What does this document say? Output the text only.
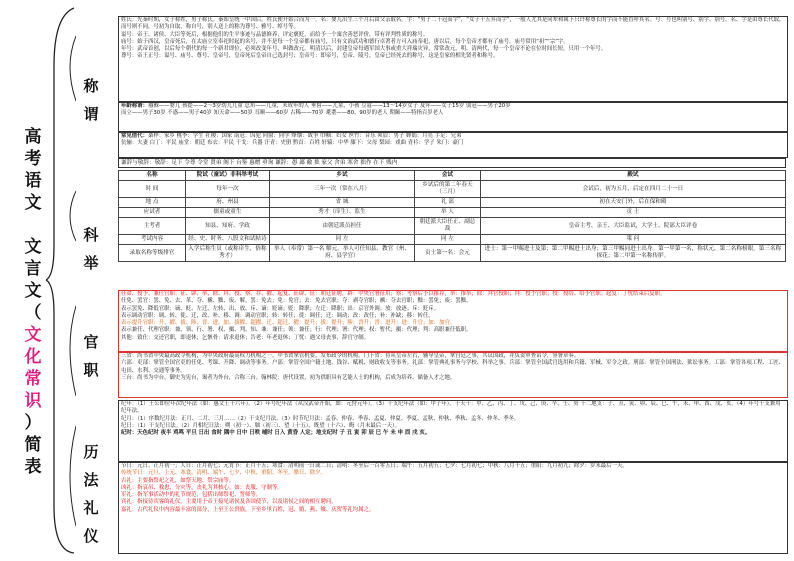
高
考
语
文

文
言
文
（
文
化
常
识
）
简
表
称
谓
科
举
官
职
历
法
礼
仪

姓氏：先秦时期，女子称姓，男子称氏。秦始皇统一中国后，姓氏便开始合而为一。名：婴儿出生三个月后由父亲取名。字：“男子二十冠而字”，“女子十五笄而字”，一般人尤其是同辈和属下只许称尊长的字而不能直呼其名。号：号也叫别号、别字、别号，名、字是由尊长代取，而号则不同，号初为自取，称自号，别人送上的称为尊号、雅号、绰号等。

谥号：帝王、诸侯、大臣等死后，根据他们的生平事迹与品德修养，评定褒贬，而给予一个寓含善恶评价，带有评判性质的称号。

庙号：始于西汉，皇帝死后，在太庙立室奉祀时起的名号，并不是每一个皇帝都有庙号，只有文治武功和德行卓著者方可入庙奉祀，唐以后，每个皇帝才都有了庙号。庙号常用“祖”“宗”字。

年号：武帝首创，以后每个朝代的每一个新君即位，必须改变年号，叫做改元。明清以后，封建皇帝每遇军国大事或重大祥瑞灾异，常常改元，明、清两代，每一个皇帝不论在位时间长短，只用一个年号。

尊号：帝王正号：谥号、庙号、尊号、皇帝号，皇帝死后皇帝自己选封号；皇帝号：即帝号，皇帝、陵号，皇帝已经死去的称号，这是皇家的相先贤者和称号。

年龄称谓：襁褓——婴儿 孩提——2～3岁幼儿儿童 总角——儿童，未成年的人 垂髫——儿童，小孩 豆蔻——13～14岁女子 及笄——女子15岁 弱冠——男子20岁

而立——男子30岁 不惑——男子40岁 知天命——50岁 耳顺——60岁 古稀——70岁 耄耋——80、90岁的老人 期颐——特指百岁老人

常见借代：桑梓：家乡 桃李：学生 社稷：国家 南冠：囚犯 同窗：同学 烽烟：战争 巾帼：妇女 丝竹：音乐 须眉：男子 婵娟：月亮 手足：兄弟

伉俪：夫妻 白丁：平民 庙堂：朝廷 布衣：平民 干戈：兵器 汗青：史册 黔首：百姓 轩辕：中华 膝下：父母 梨园：戏曲 青衿：学子 朱门：豪门

谦辞与敬辞：敬辞：足下 令尊 令堂 贤弟 阁下 台鉴 惠赠 垂询 谦辞：愚 鄙 敝 拙 家父 舍弟 寒舍 拙作 在下 贱内
名称	院试（童试）非科举考试	乡试	会试	殿试
时 间	每年一次	三年一次（常在八月）	乡试后的第二年春天（三月）	会试后，初为五月，后定在四月二十一日
地 点	府、州县	省 城	礼 部	初在天安门外，后在保和殿
应试者	儒童或童生	秀才（庠生）、监生	举 人	贡 士
主考者	知县、知府、学政	由朝廷派员担任	朝廷派大臣任正、副总裁	皇帝主考，亲王、大臣监试，大学士、院部大臣评卷
考试内容	经、史、时务、八股文和试帖诗	同 左	同 左	策 问
录取名称等级排官	入学后称生员（或称庠生，俗称秀才）	举人（奉常）第一名 解元。举人可任知县、教官（州、府、县学官）	贡士第一名：会元	进士：第一甲赐进士及第；第二甲赐进士出身；第三甲赐同进士出身。第一甲第一名，称状元，第二名称榜眼，第三名称探花；第二甲第一名称传胪。

任命、授予、兼任官职：征、辟、举、除、拜、授、察、荐、擢、起复、征辟、征：朝廷征聘，辟：中央官署征用；察：考察后予以推荐，举：推举；除：拜官授职；拜：授予官职；授：授给、给予官职；起复：丁忧结束后复职。

任免、罢官：罢、免、去、革、夺、褫、黜、废、解。罢：免去；免：免官；去：免去官职；夺：剥夺官职；褫：夺去官职；黜：罢免；废：罢黜。

表示罢免、降低官职：谪、贬、左迁、左转、出、放、斥、谪：贬谪；贬：降职；左迁：降职；出：京官外调；放：放逐；斥：贬斥。

表示调动官职：调、转、徙、迁、改、补、移、调：调动官职；转：转任；徙：调任；迁：调动；改：改任；补：补缺；移：转任。

表示提升官职：升、擢、拔、陟、晋、进、加、拔擢、超擢、迁、超迁、擢：提升；拔：提升；陟：晋升；晋：进升；进：升官；加：加官。

表示兼任、代理官职：兼、领、行、署、权、摄、判、知、兼：兼任；领：兼任；行：代理；署：代理；权：暂代；摄：代理；判：高职兼任低职。

其他：致仕：交还官职，即退休；乞骸骨：请求退休；告老：年老退休；丁忧：遇父母丧事，辞官守制。

三省：尚书省中央最高政令机构，为中央政府最高权力机构之一。中书省掌管机要，发布政令的机构。门下省：侍从皇帝左右，辅导皇帝，掌宫廷之事，共议国政，并负责审查诏令，签署章奏。

六部：吏部：掌管全国官吏的任免、考课、升降、调动等事务。户部：掌管全国户籍土地、钱谷、赋税、财政收支等事务。礼部：掌管典礼事务与学校、科举之事。兵部：掌管全国武官选用和兵籍、军械、军令之政。刑部：掌管全国刑法、狱讼事务。工部：掌管各项工程、工匠、屯田、水利、交通等事务。

三台：尚书为中台，御史为宪台，谒者为外台，合称三台。翰林院：唐代设置，初为供职具有艺能人士的机构，后成为培养、储备人才之地。

纪年：（1）王公即位年次纪年法（如：惠文王十六年）。（2）年号纪年法（从汉武帝开始，如：元狩元年）。（3）干支纪年法（如：甲子年）。十天干：甲、乙、丙、丁、戊、己、庚、辛、壬、癸 十二地支：子、丑、寅、卯、辰、巳、午、未、申、酉、戌、亥。（4）年号干支兼用纪年法。

纪月：（1）序数纪月法：正月、二月、三月……（2）干支纪月法。（3）时节纪月法：孟春、仲春、季春、孟夏、仲夏、季夏、孟秋、仲秋、季秋、孟冬、仲冬、季冬。

纪日：（1）干支纪日法。（2）月相纪日法：朔（初一）、朏（初三）、望（十五）、既望（十六）、晦（月末最后一天）。

纪时：天色纪时 夜半 鸡鸣 平旦 日出 食时 隅中 日中 日昳 晡时 日入 黄昏 人定；地支纪时 子 丑 寅 卯 辰 巳 午 未 申 酉 戌 亥。

节日：元日、正月初一；人日：正月初七；元宵节：正月十五；寒食：清明前一日或二日；清明：冬至后一百零五日；端午：五月初五；七夕：七月初七；中秋：八月十五；重阳：九月初九；除夕：岁末最后一天。

传统节日：元旦、上元、寒食、清明、端午、七夕、中秋、重阳、冬至、腊日、除夕。

吉礼：主要指祭祀之礼，如祭天地、祭宗庙等。

凶礼：指哀吊、救患、分灾等，丧礼为其核心。如：丧服、守制等。

军礼：指军事活动中的礼节规范，包括出师祭祀、誓师等。

宾礼：指接待宾客的礼仪，主要用于帝王接见诸侯及各国使节，以及诸侯之间的相互聘问。

嘉礼：古代礼仪中内容最丰富的部分，上至王公贵族，下至乡里百姓，冠、婚、燕、飨、庆贺等礼均属之。
